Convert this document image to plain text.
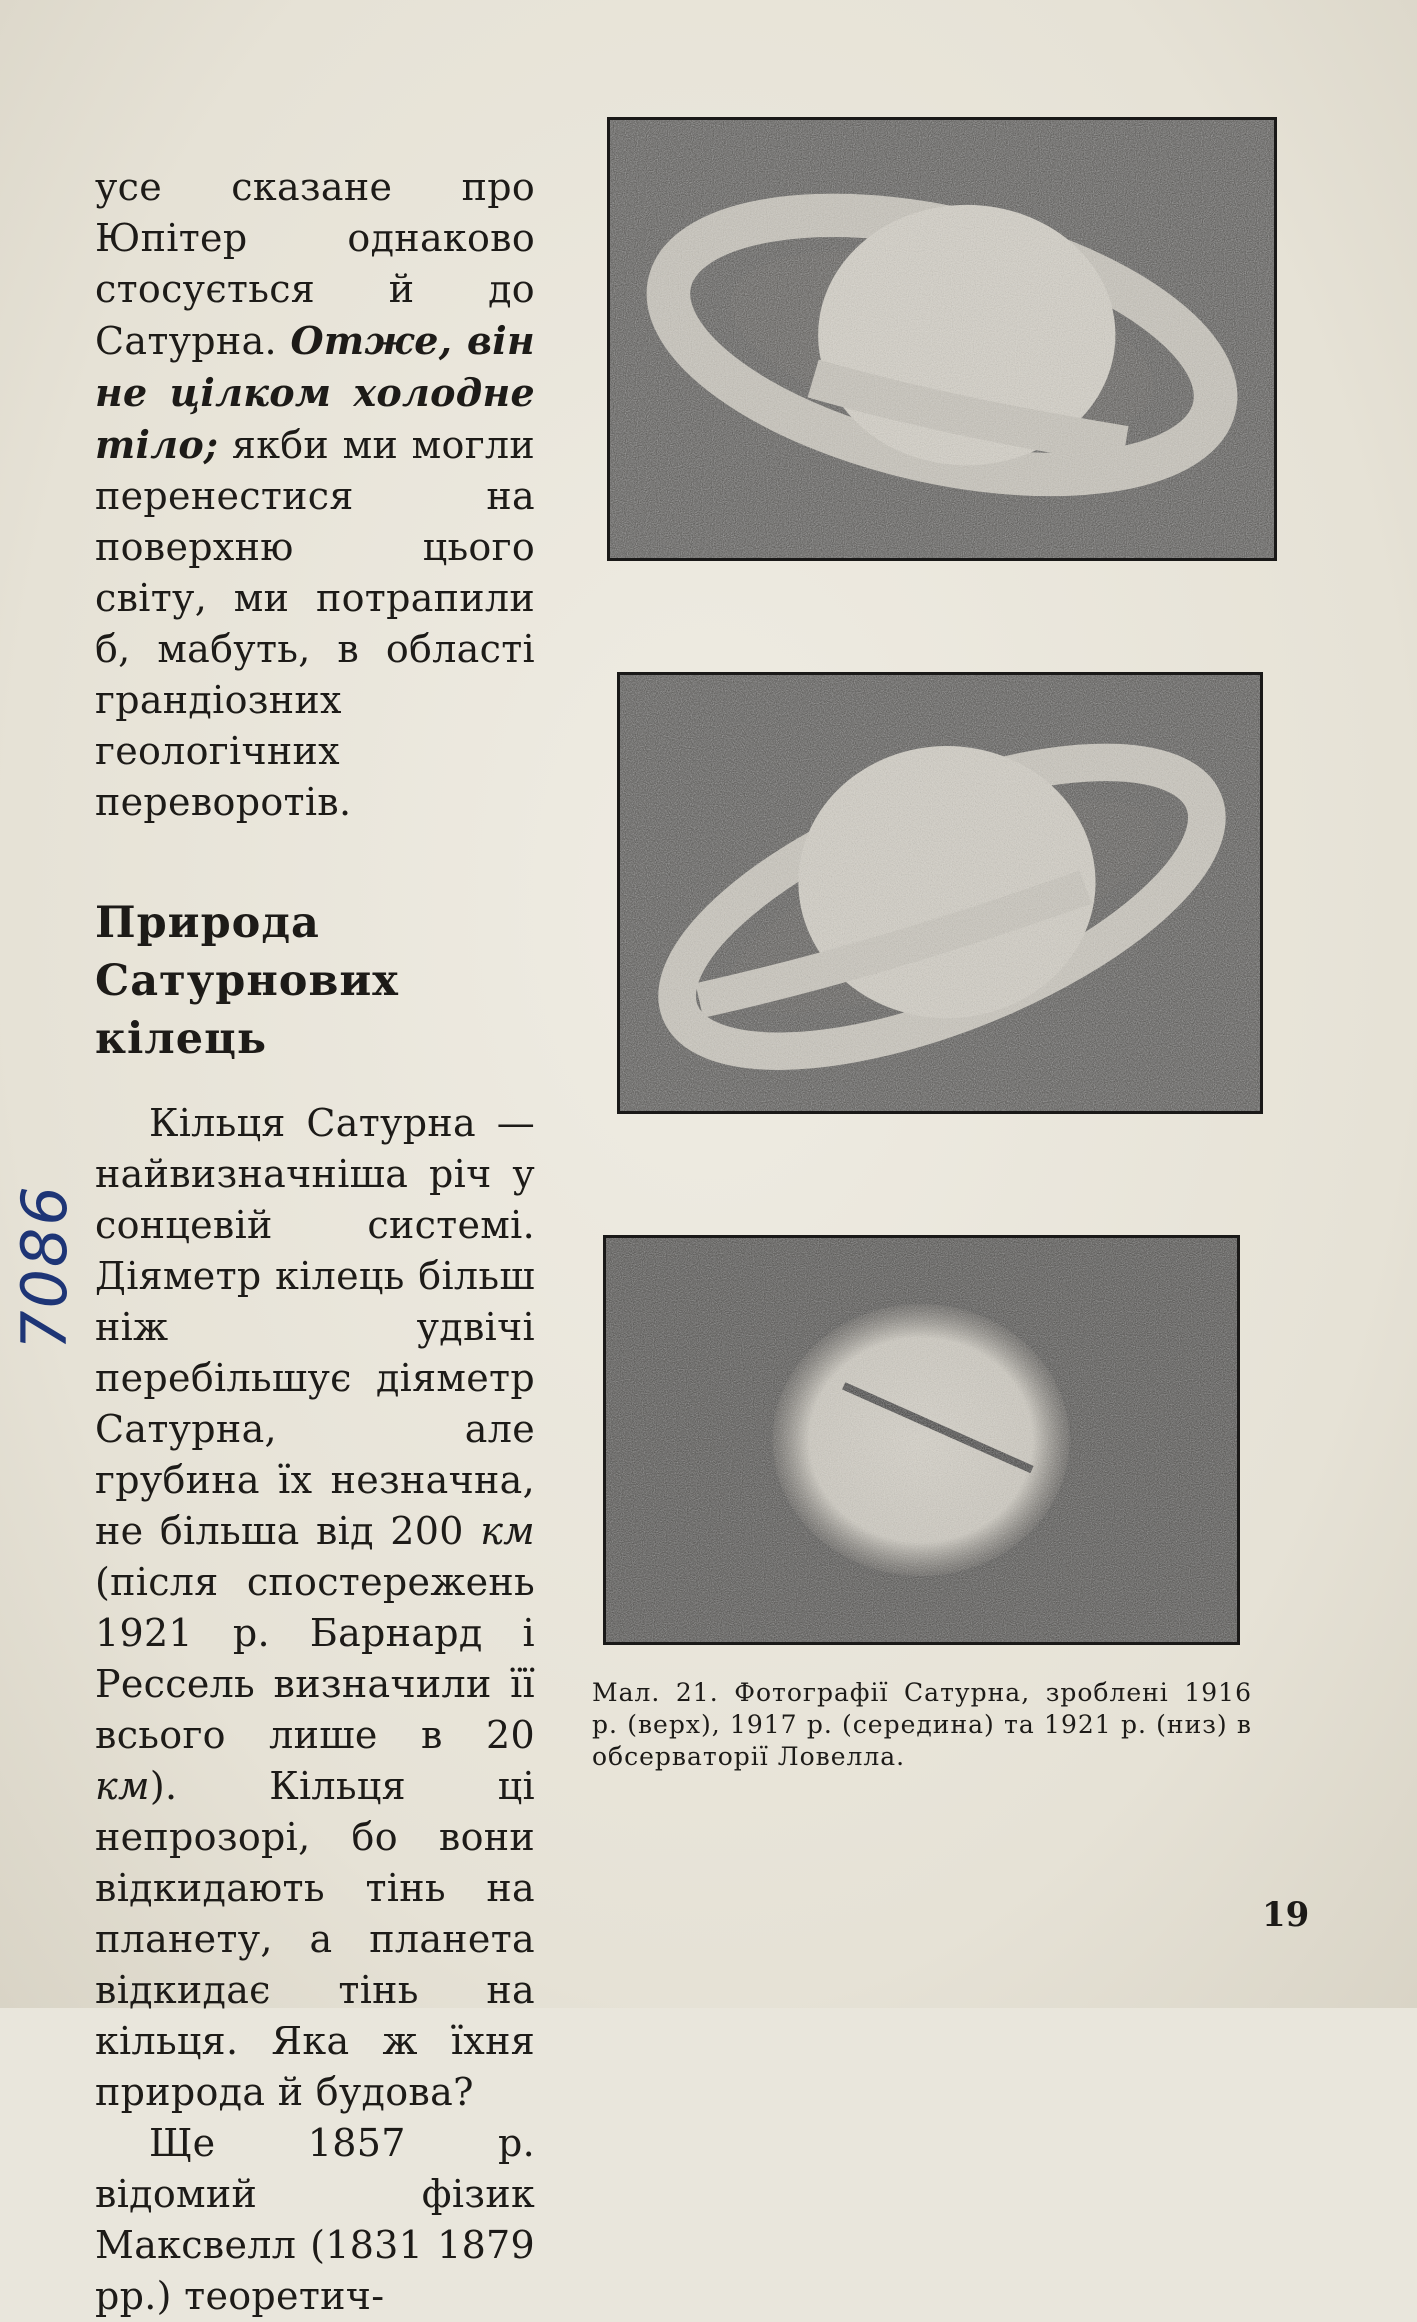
усе сказане про Юпітер однаково стосується й до Сатурна. Отже, він не цілком холодне тіло; якби ми могли перенестися на поверхню цього світу, ми потрапили б, мабуть, в області грандіозних геологічних переворотів.

Природа Сатурнових кілець

Кільця Сатурна — найвизначніша річ у сонцевій системі. Діяметр кілець більш ніж удвічі перебільшує діяметр Сатурна, але грубина їх незначна, не більша від 200 км (після спостережень 1921 р. Барнард і Рессель визначили її всього лише в 20 км). Кільця ці непрозорі, бо вони відкидають тінь на планету, а планета відкидає тінь на кільця. Яка ж їхня природа й будова?

Ще 1857 р. відомий фізик Максвелл (1831 1879 рр.) теоретич-

Мал. 21. Фотографії Сатурна, зроблені 1916 р. (верх), 1917 р. (середина) та 1921 р. (низ) в обсерваторії Ловелла.

19
7086
